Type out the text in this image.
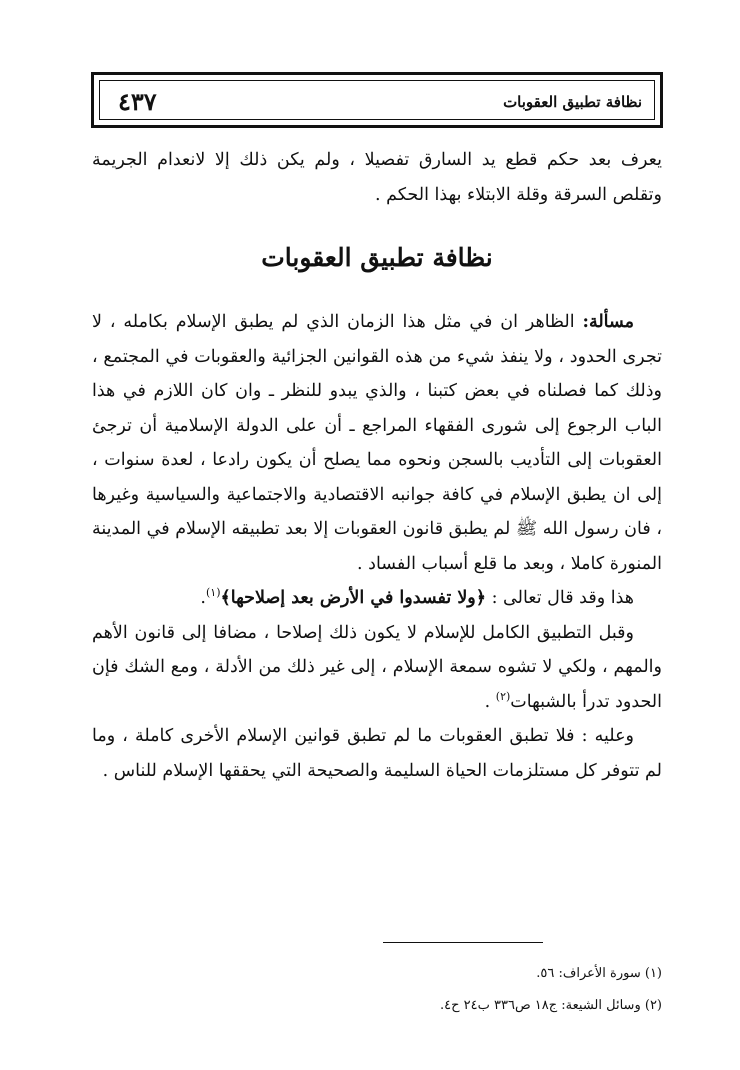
نظافة تطبيق العقوبات
٤٣٧

يعرف بعد حكم قطع يد السارق تفصيلا ، ولم يكن ذلك إلا لانعدام الجريمة وتقلص السرقة وقلة الابتلاء بهذا الحكم .

نظافة تطبيق العقوبات

مسألة: الظاهر ان في مثل هذا الزمان الذي لم يطبق الإسلام بكامله ، لا تجرى الحدود ، ولا ينفذ شيء من هذه القوانين الجزائية والعقوبات في المجتمع ، وذلك كما فصلناه في بعض كتبنا ، والذي يبدو للنظر ـ وان كان اللازم في هذا الباب الرجوع إلى شورى الفقهاء المراجع ـ أن على الدولة الإسلامية أن ترجئ العقوبات إلى التأديب بالسجن ونحوه مما يصلح أن يكون رادعا ، لعدة سنوات ، إلى ان يطبق الإسلام في كافة جوانبه الاقتصادية والاجتماعية والسياسية وغيرها ، فان رسول الله ﷺ لم يطبق قانون العقوبات إلا بعد تطبيقه الإسلام في المدينة المنورة كاملا ، وبعد ما قلع أسباب الفساد .

هذا وقد قال تعالى : ﴿ولا تفسدوا في الأرض بعد إصلاحها﴾$^{(١)}$.

وقبل التطبيق الكامل للإسلام لا يكون ذلك إصلاحا ، مضافا إلى قانون الأهم والمهم ، ولكي لا تشوه سمعة الإسلام ، إلى غير ذلك من الأدلة ، ومع الشك فإن الحدود تدرأ بالشبهات$^{(٢)}$ .

وعليه : فلا تطبق العقوبات ما لم تطبق قوانين الإسلام الأخرى كاملة ، وما لم تتوفر كل مستلزمات الحياة السليمة والصحيحة التي يحققها الإسلام للناس .

(١) سورة الأعراف: ٥٦.

(٢) وسائل الشيعة: ج١٨ ص٣٣٦ ب٢٤ ح٤.
